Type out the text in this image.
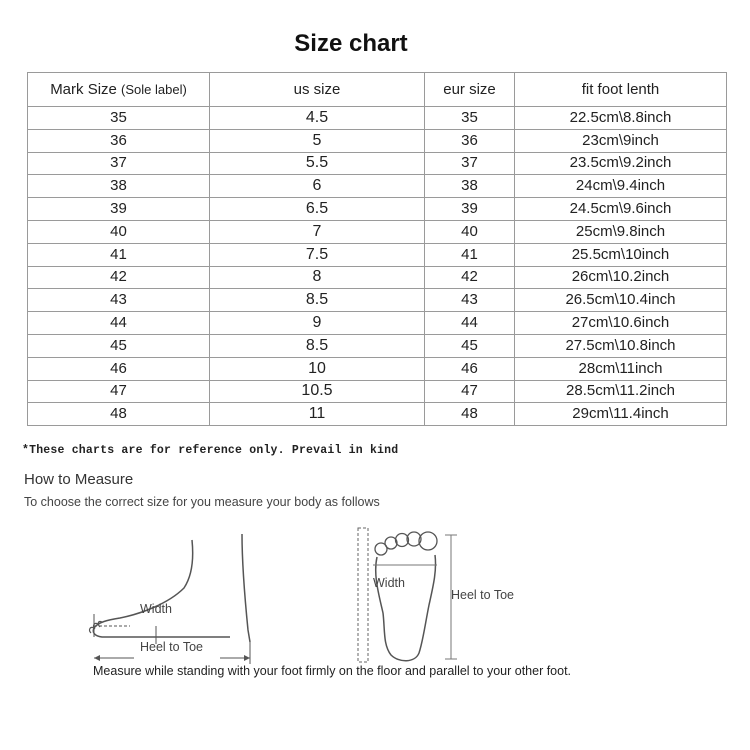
Size chart
Mark Size (Sole label)	us size	eur size	fit foot lenth
35	4.5	35	22.5cm\8.8inch
36	5	36	23cm\9inch
37	5.5	37	23.5cm\9.2inch
38	6	38	24cm\9.4inch
39	6.5	39	24.5cm\9.6inch
40	7	40	25cm\9.8inch
41	7.5	41	25.5cm\10inch
42	8	42	26cm\10.2inch
43	8.5	43	26.5cm\10.4inch
44	9	44	27cm\10.6inch
45	8.5	45	27.5cm\10.8inch
46	10	46	28cm\11inch
47	10.5	47	28.5cm\11.2inch
48	11	48	29cm\11.4inch
*These charts are for reference only. Prevail in kind
How to Measure
To choose the correct size for you measure your body as follows
Width
Heel to Toe
Width
Heel to Toe
Measure while standing with your foot firmly on the floor and parallel to your other foot.
